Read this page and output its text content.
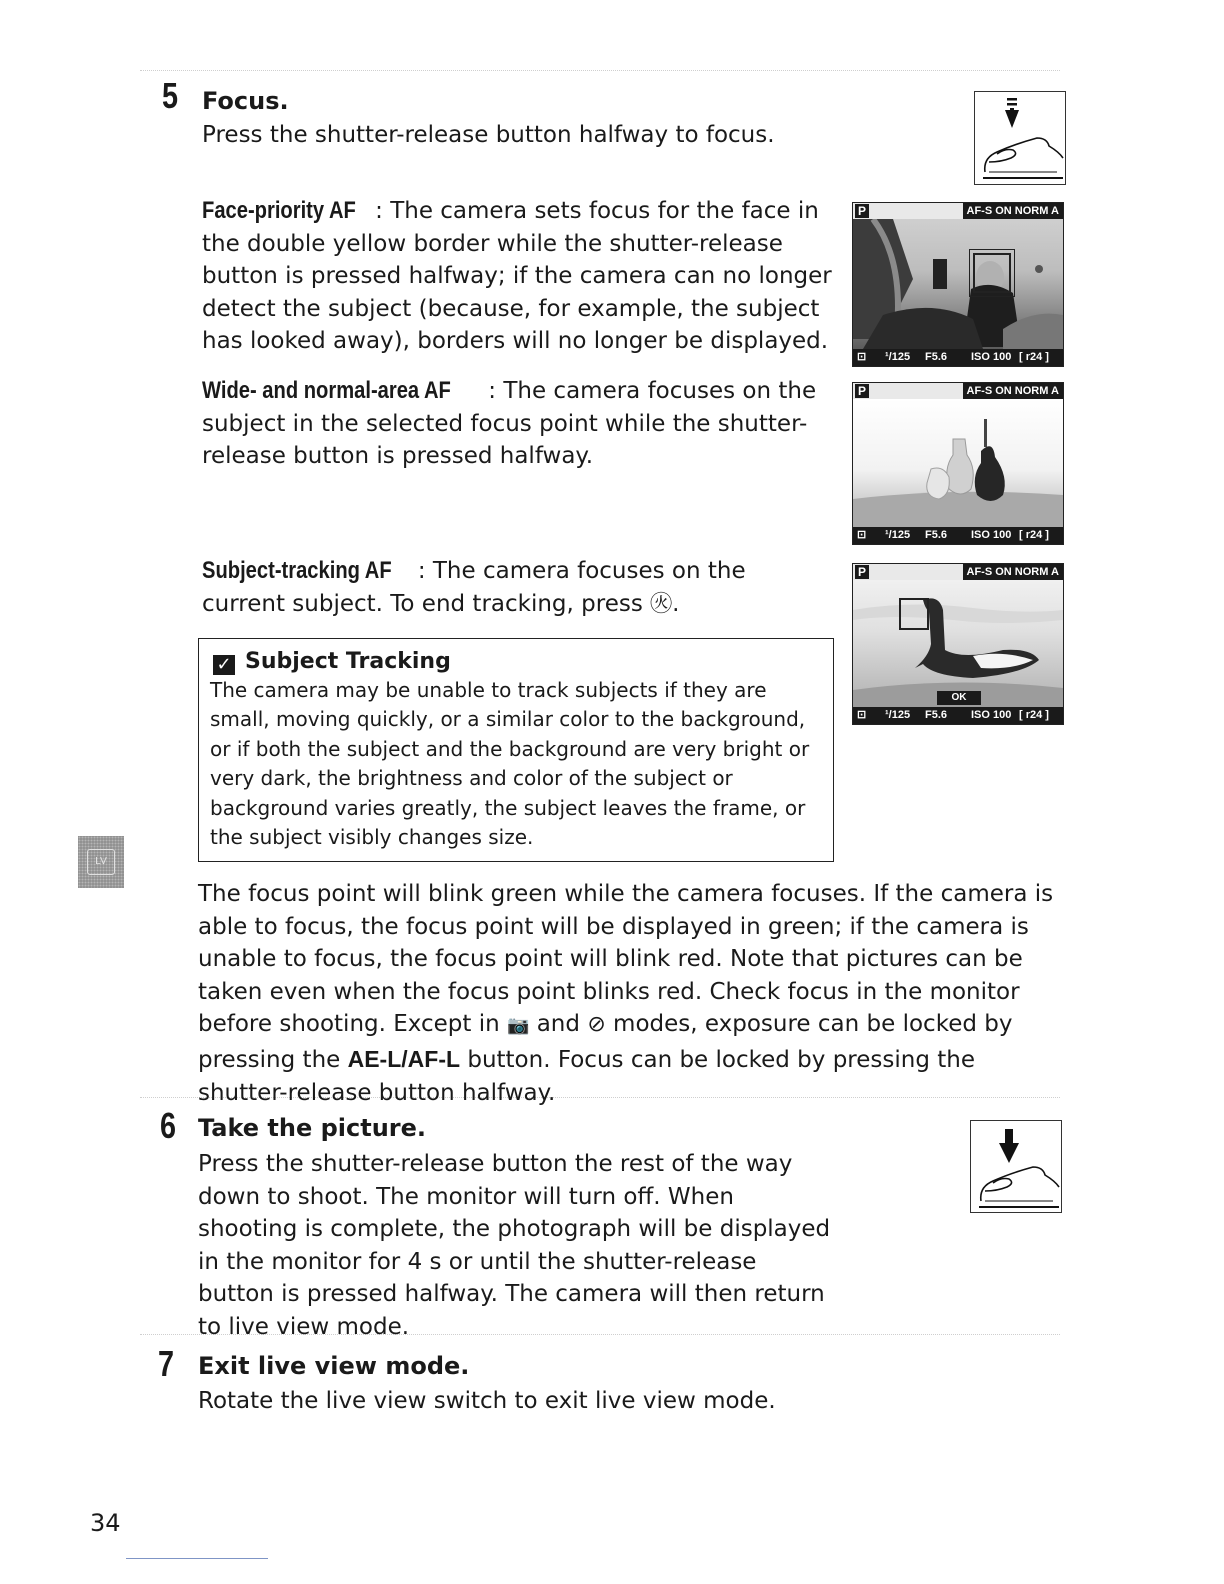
5 Focus.
Press the shutter-release button halfway to focus.
Face-priority AF : The camera sets focus for the face in the double yellow border while the shutter-release button is pressed halfway; if the camera can no longer detect the subject (because, for example, the subject has looked away), borders will no longer be displayed.
P	AF-S ON NORM A
⊡ ¹/125 F5.6 ISO 100 [ r24 ]
Wide- and normal-area AF : The camera focuses on the subject in the selected focus point while the shutter-release button is pressed halfway.
P	AF-S ON NORM A
⊡ ¹/125 F5.6 ISO 100 [ r24 ]
Subject-tracking AF : The camera focuses on the current subject. To end tracking, press ㊋.
OK
P	AF-S ON NORM A
⊡ ¹/125 F5.6 ISO 100 [ r24 ]
✓ Subject Tracking
The camera may be unable to track subjects if they are small, moving quickly, or a similar color to the background, or if both the subject and the background are very bright or very dark, the brightness and color of the subject or background varies greatly, the subject leaves the frame, or the subject visibly changes size.
LV
The focus point will blink green while the camera focuses. If the camera is able to focus, the focus point will be displayed in green; if the camera is unable to focus, the focus point will blink red. Note that pictures can be taken even when the focus point blinks red. Check focus in the monitor before shooting. Except in 📷 and ⊘ modes, exposure can be locked by pressing the AE-L/AF-L button. Focus can be locked by pressing the shutter-release button halfway.
6 Take the picture.
Press the shutter-release button the rest of the way down to shoot. The monitor will turn off. When shooting is complete, the photograph will be displayed in the monitor for 4 s or until the shutter-release button is pressed halfway. The camera will then return to live view mode.
7 Exit live view mode.
Rotate the live view switch to exit live view mode.
34
